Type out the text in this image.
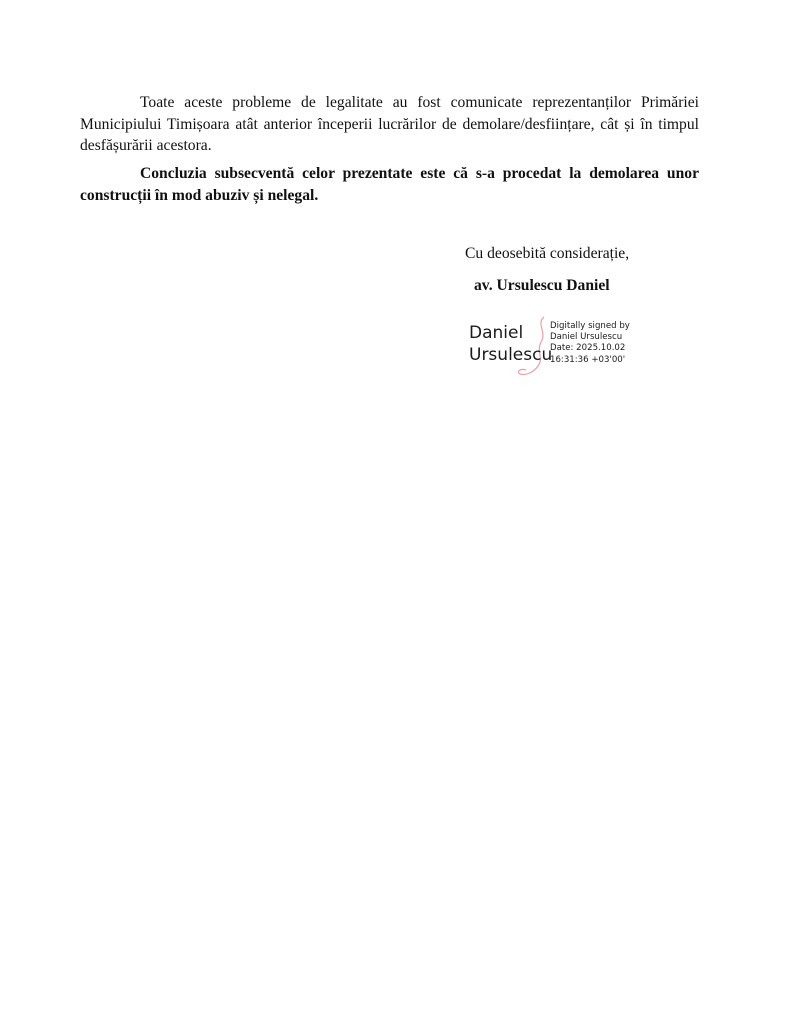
Toate aceste probleme de legalitate au fost comunicate reprezentanților Primăriei Municipiului Timișoara atât anterior începerii lucrărilor de demolare/desființare, cât și în timpul desfășurării acestora.

Concluzia subsecventă celor prezentate este că s-a procedat la demolarea unor construcții în mod abuziv și nelegal.

Cu deosebită considerație,
av. Ursulescu Daniel
Daniel
Ursulescu
Digitally signed by
Daniel Ursulescu
Date: 2025.10.02
16:31:36 +03'00'
